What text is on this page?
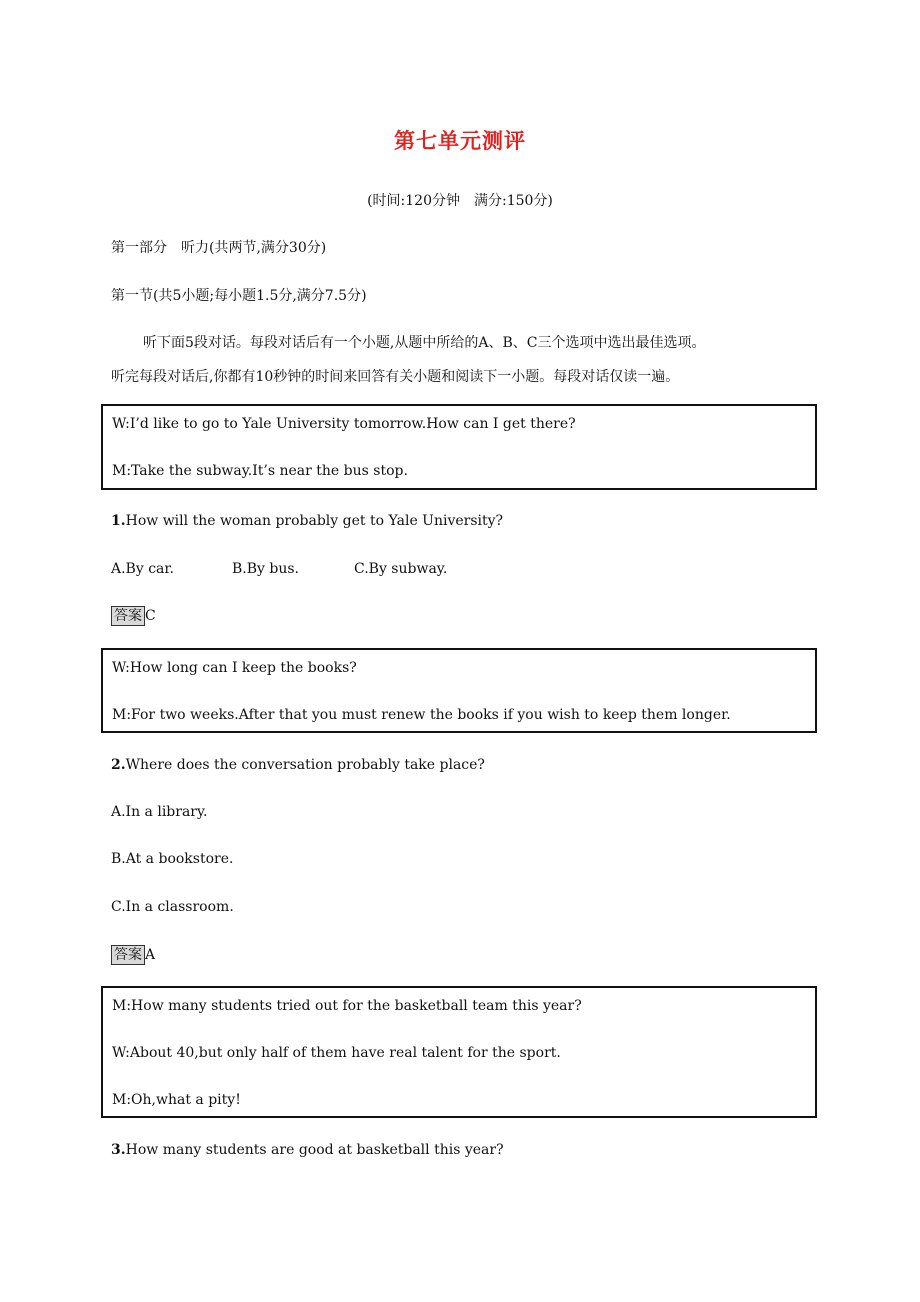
第七单元测评
(时间:120分钟　满分:150分)
第一部分　听力(共两节,满分30分)
第一节(共5小题;每小题1.5分,满分7.5分)
听下面5段对话。每段对话后有一个小题,从题中所给的A、B、C三个选项中选出最佳选项。
听完每段对话后,你都有10秒钟的时间来回答有关小题和阅读下一小题。每段对话仅读一遍。
W:I’d like to go to Yale University tomorrow.How can I get there?
M:Take the subway.It’s near the bus stop.
1.How will the woman probably get to Yale University?
A.By car.	B.By bus.	C.By subway.
答案 C
W:How long can I keep the books?
M:For two weeks.After that you must renew the books if you wish to keep them longer.
2.Where does the conversation probably take place?
A.In a library.
B.At a bookstore.
C.In a classroom.
答案 A
M:How many students tried out for the basketball team this year?
W:About 40,but only half of them have real talent for the sport.
M:Oh,what a pity!
3.How many students are good at basketball this year?
